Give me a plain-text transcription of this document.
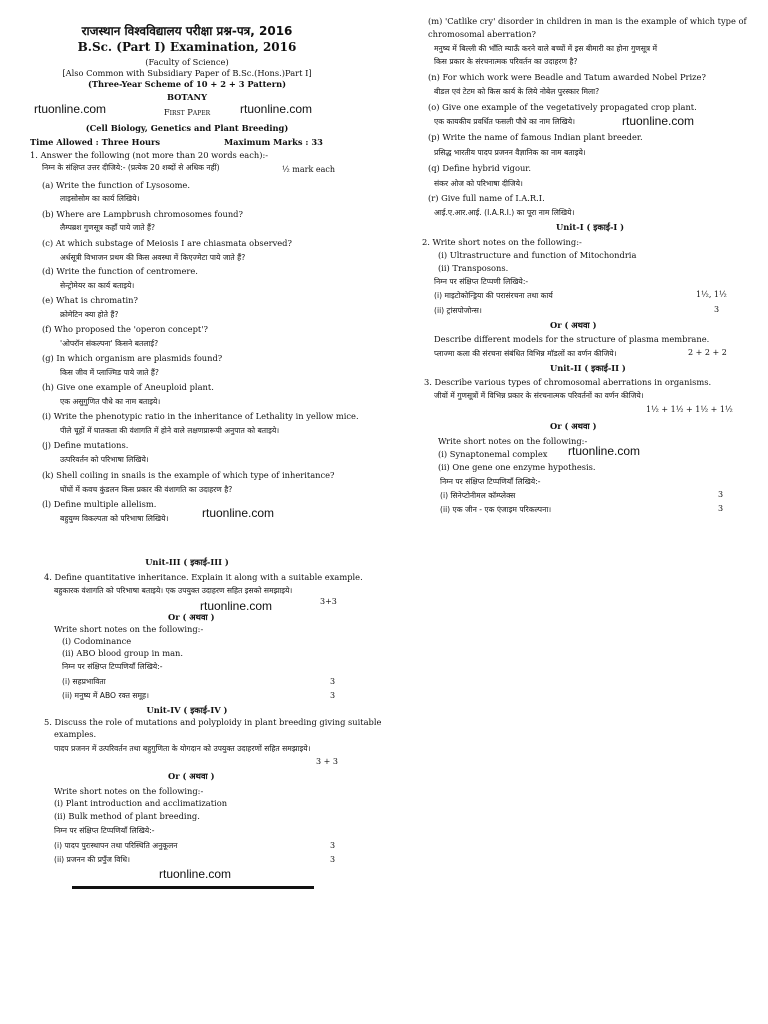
राजस्थान विश्वविद्यालय परीक्षा प्रश्न-पत्र, 2016
B.Sc. (Part I) Examination, 2016
(Faculty of Science)
[Also Common with Subsidiary Paper of B.Sc.(Hons.)Part I]
(Three-Year Scheme of 10 + 2 + 3 Pattern)
BOTANY
rtuonline.com	rtuonline.com
First Paper
(Cell Biology, Genetics and Plant Breeding)
Time Allowed : Three Hours	Maximum Marks : 33
1. Answer the following (not more than 20 words each):-
निम्न के संक्षिप्त उत्तर दीजिये:- (प्रत्येक 20 शब्दों से अधिक नहीं)	½ mark each
(a) Write the function of Lysosome.
लाइसोसोम का कार्य लिखिये।
(b) Where are Lampbrush chromosomes found?
लैम्पब्रश गुणसूत्र कहाँ पाये जाते हैं?
(c) At which substage of Meiosis I are chiasmata observed?
अर्धसूत्री विभाजन प्रथम की किस अवस्था में किएज्मेटा पाये जाते हैं?
(d) Write the function of centromere.
सेन्ट्रोमेयर का कार्य बताइये।
(e) What is chromatin?
क्रोमेटिन क्या होते हैं?
(f) Who proposed the 'operon concept'?
'ओपरॉन संकल्पना' किसने बतलाई?
(g) In which organism are plasmids found?
किस जीव में प्लाज्मिड पाये जाते हैं?
(h) Give one example of Aneuploid plant.
एक असुगुणित पौधे का नाम बताइये।
(i) Write the phenotypic ratio in the inheritance of Lethality in yellow mice.
पीले चूहों में घातकता की वंशागति में होने वाले लक्षणप्रारूपी अनुपात को बताइये।
(j) Define mutations.
उत्परिवर्तन को परिभाषा लिखिये।
(k) Shell coiling in snails is the example of which type of inheritance?
घोंघों में कवच कुंडलन किस प्रकार की वंशागति का उदाहरण है?
(l) Define multiple allelism.
बहुयुग्म विकल्पता को परिभाषा लिखिये।	rtuonline.com
Unit-III ( इकाई-III )
4. Define quantitative inheritance. Explain it along with a suitable example.
बहुकारक वंशागति को परिभाषा बताइये। एक उपयुक्त उदाहरण सहित इसको समझाइये।
3+3
rtuonline.com
Or ( अथवा )
Write short notes on the following:-
(i) Codominance
(ii) ABO blood group in man.
निम्न पर संक्षिप्त टिप्पणियाँ लिखिये:-
(i) सहप्रभाविता	3
(ii) मनुष्य में ABO रक्त समूह।	3
Unit-IV ( इकाई-IV )
5. Discuss the role of mutations and polyploidy in plant breeding giving suitable
examples.
पादप प्रजनन में उत्परिवर्तन तथा बहुगुणिता के योगदान को उपयुक्त उदाहरणों सहित समझाइये।
3 + 3
Or ( अथवा )
Write short notes on the following:-
(i) Plant introduction and acclimatization
(ii) Bulk method of plant breeding.
निम्न पर संक्षिप्त टिप्पणियाँ लिखिये:-
(i) पादप पुरःस्थापन तथा परिस्थिति अनुकूलन	3
(ii) प्रजनन की प्रपुँज विधि।	3
rtuonline.com
(m) 'Catlike cry' disorder in children in man is the example of which type of
chromosomal aberration?
मनुष्य में बिल्ली की भाँति म्याऊँ करने वाले बच्चों में इस बीमारी का होना गुणसूत्र में
किस प्रकार के संरचनात्मक परिवर्तन का उदाहरण है?
(n) For which work were Beadle and Tatum awarded Nobel Prize?
बीडल एवं टेटम को किस कार्य के लिये नोबेल पुरस्कार मिला?
(o) Give one example of the vegetatively propagated crop plant.
एक कायकीय प्रवर्धित फसली पौधे का नाम लिखिये।	rtuonline.com
(p) Write the name of famous Indian plant breeder.
प्रसिद्ध भारतीय पादप प्रजनन वैज्ञानिक का नाम बताइये।
(q) Define hybrid vigour.
संकर ओज को परिभाषा दीजिये।
(r) Give full name of I.A.R.I.
आई.ए.आर.आई. (I.A.R.I.) का पूरा नाम लिखिये।
Unit-I ( इकाई-I )
2. Write short notes on the following:-
(i) Ultrastructure and function of Mitochondria
(ii) Transposons.
निम्न पर संक्षिप्त टिप्पणी लिखिये:-
(i) माइटोकोन्ड्रिया की परासंरचना तथा कार्य	1½, 1½
(ii) ट्रांसपोजोन्स।	3
Or ( अथवा )
Describe different models for the structure of plasma membrane.
प्लाज्मा कला की संरचना संबंधित विभिन्न मॉडलों का वर्णन कीजिये।	2 + 2 + 2
Unit-II ( इकाई-II )
3. Describe various types of chromosomal aberrations in organisms.
जीवों में गुणसूत्रों में विभिन्न प्रकार के संरचनात्मक परिवर्तनों का वर्णन कीजिये।
1½ + 1½ + 1½ + 1½
Or ( अथवा )
Write short notes on the following:-
rtuonline.com
(i) Synaptonemal complex
(ii) One gene one enzyme hypothesis.
निम्न पर संक्षिप्त टिप्पणियाँ लिखिये:-
(i) सिनेप्टोनीमल कॉम्प्लेक्स	3
(ii) एक जीन - एक एंजाइम परिकल्पना।	3
